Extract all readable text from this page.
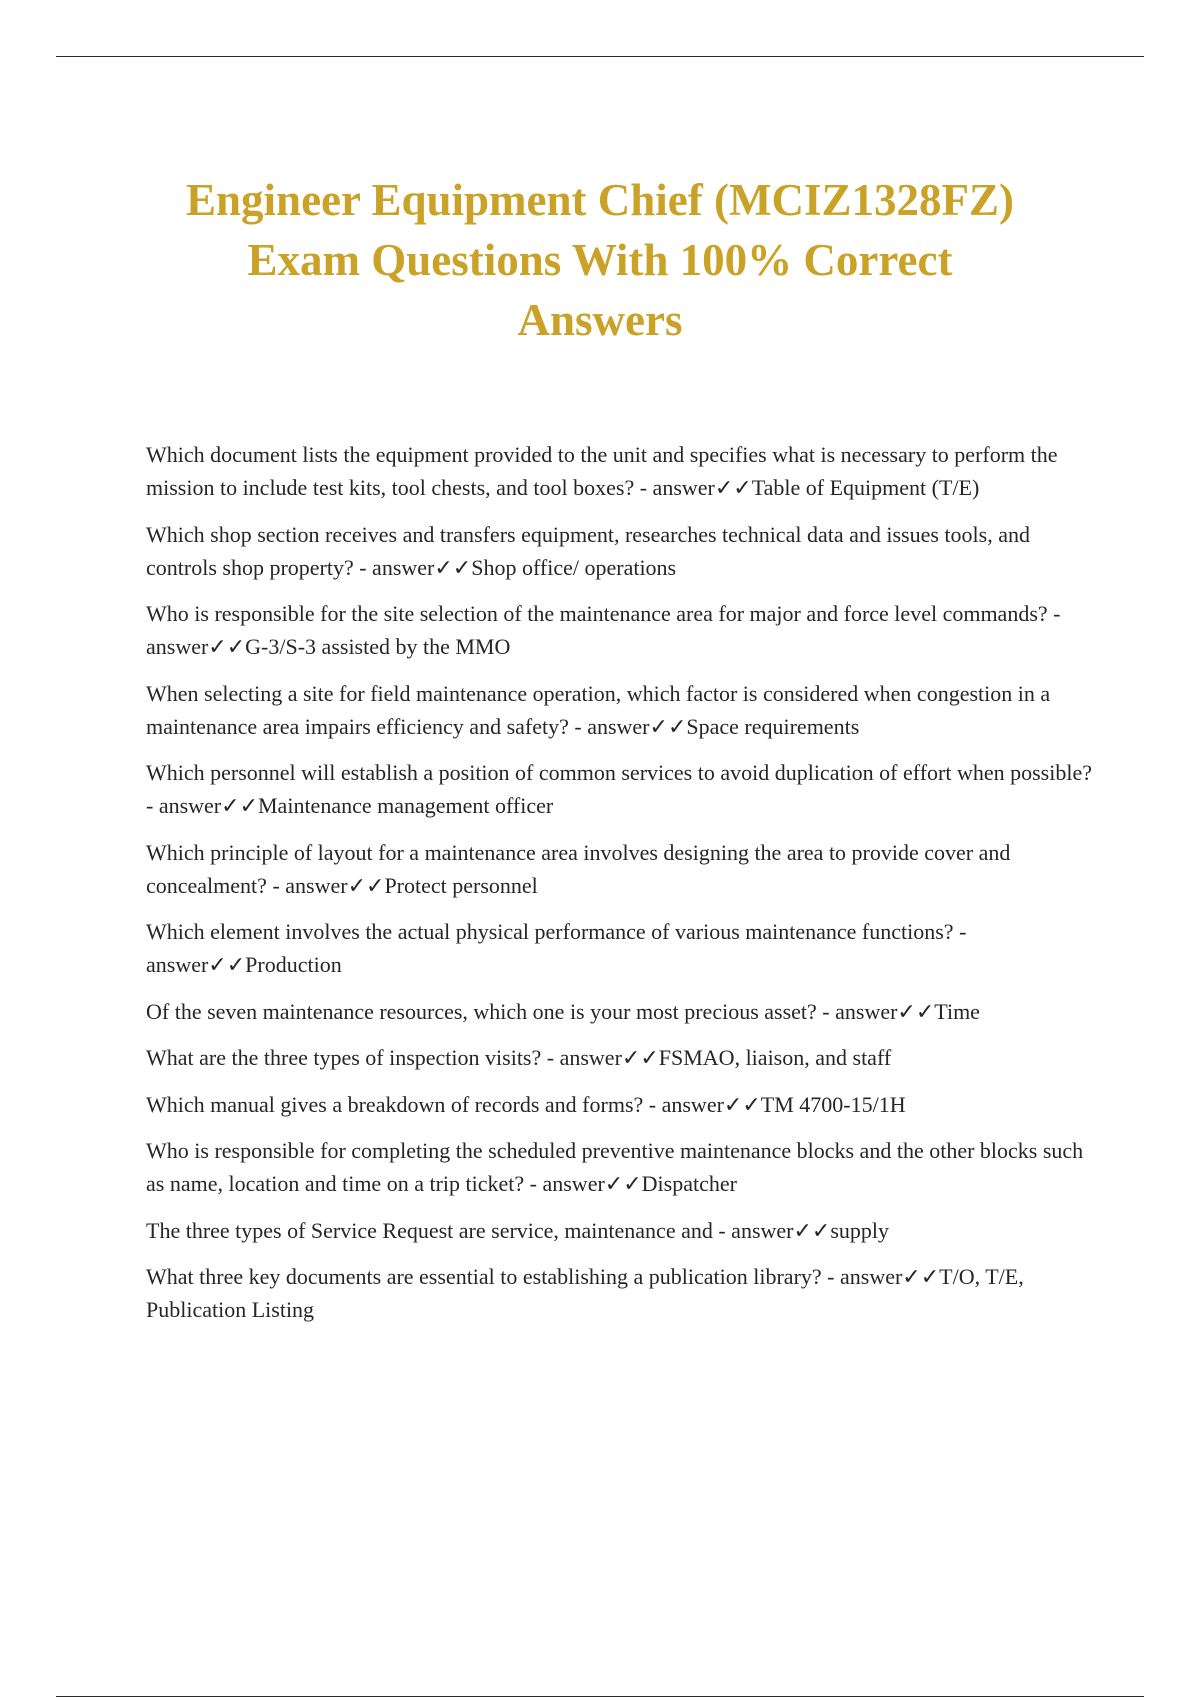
Engineer Equipment Chief (MCIZ1328FZ)
Exam Questions With 100% Correct
Answers
Which document lists the equipment provided to the unit and specifies what is necessary to perform the mission to include test kits, tool chests, and tool boxes? - answer✓✓Table of Equipment (T/E)
Which shop section receives and transfers equipment, researches technical data and issues tools, and controls shop property? - answer✓✓Shop office/ operations
Who is responsible for the site selection of the maintenance area for major and force level commands? - answer✓✓G-3/S-3 assisted by the MMO
When selecting a site for field maintenance operation, which factor is considered when congestion in a maintenance area impairs efficiency and safety? - answer✓✓Space requirements
Which personnel will establish a position of common services to avoid duplication of effort when possible? - answer✓✓Maintenance management officer
Which principle of layout for a maintenance area involves designing the area to provide cover and concealment? - answer✓✓Protect personnel
Which element involves the actual physical performance of various maintenance functions? - answer✓✓Production
Of the seven maintenance resources, which one is your most precious asset? - answer✓✓Time
What are the three types of inspection visits? - answer✓✓FSMAO, liaison, and staff
Which manual gives a breakdown of records and forms? - answer✓✓TM 4700-15/1H
Who is responsible for completing the scheduled preventive maintenance blocks and the other blocks such as name, location and time on a trip ticket? - answer✓✓Dispatcher
The three types of Service Request are service, maintenance and - answer✓✓supply
What three key documents are essential to establishing a publication library? - answer✓✓T/O, T/E, Publication Listing
